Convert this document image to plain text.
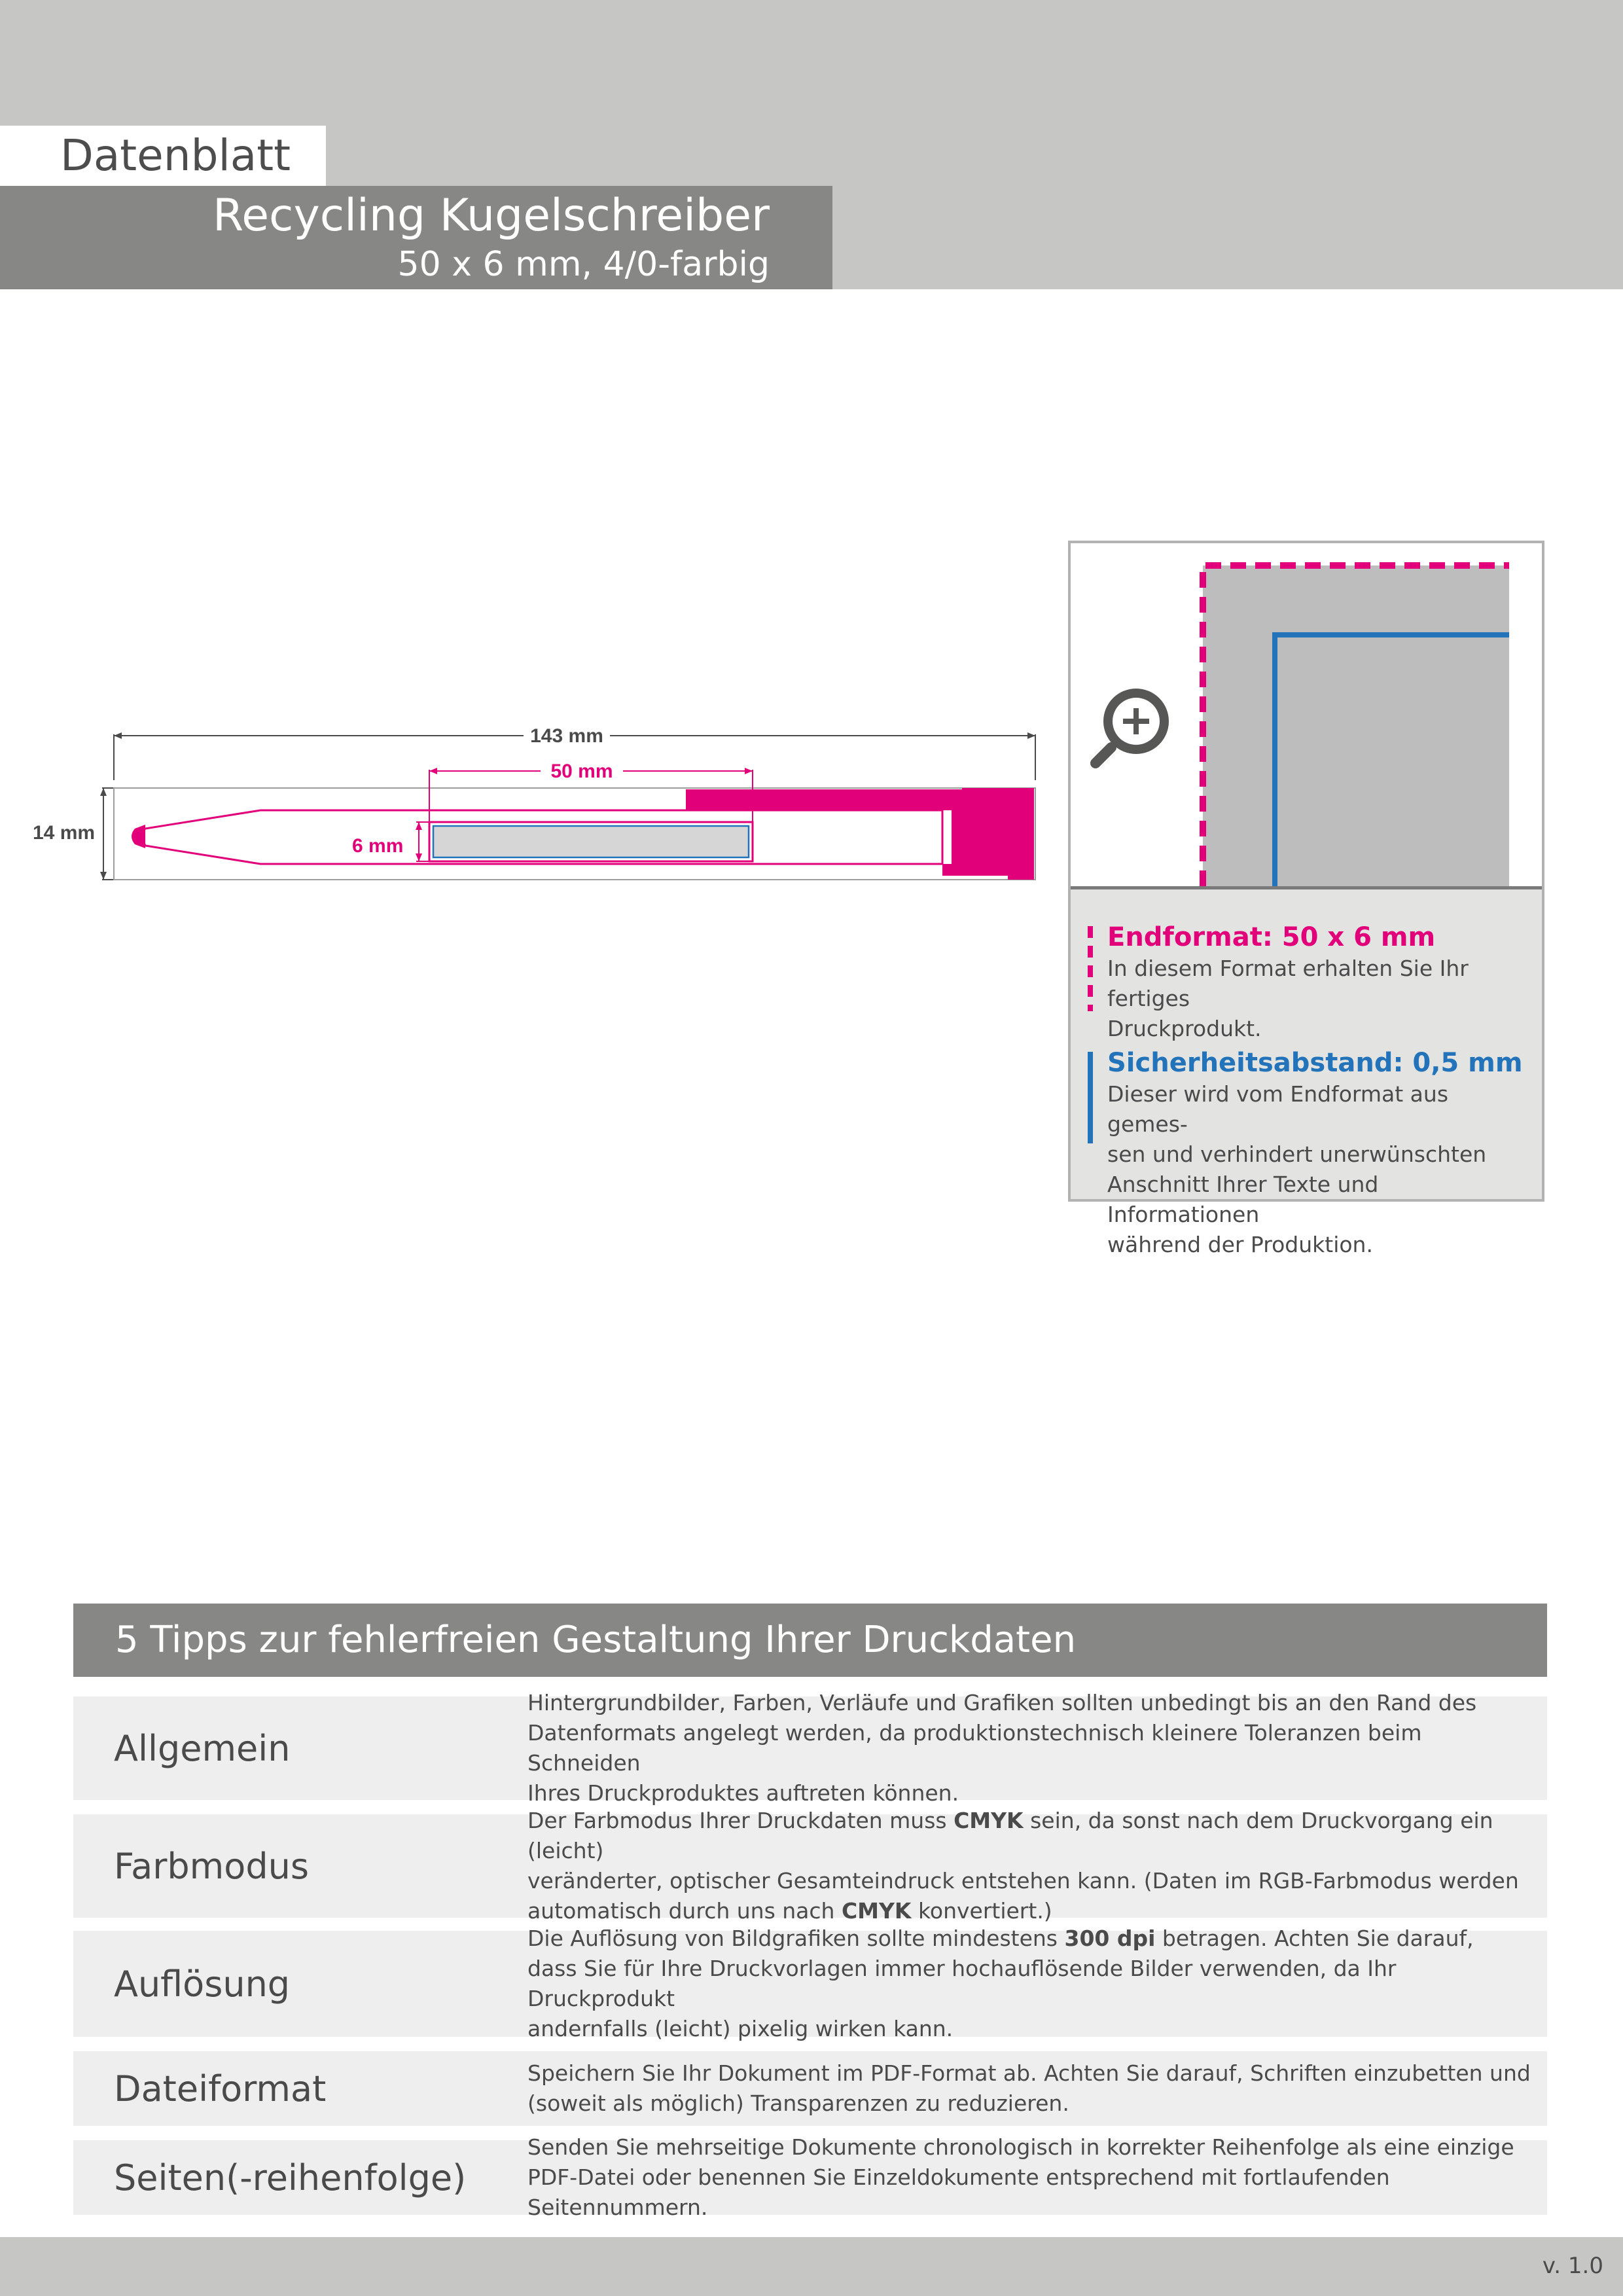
Datenblatt
Recycling Kugelschreiber
50 x 6 mm, 4/0-farbig
143 mm
14 mm
50 mm
6 mm
Endformat: 50 x 6 mm

In diesem Format erhalten Sie Ihr fertiges

Druckprodukt.

Sicherheitsabstand: 0,5 mm

Dieser wird vom Endformat aus gemes-

sen und verhindert unerwünschten

Anschnitt Ihrer Texte und Informationen

während der Produktion.

5 Tipps zur fehlerfreien Gestaltung Ihrer Druckdaten
Allgemein
Hintergrundbilder, Farben, Verläufe und Grafiken sollten unbedingt bis an den Rand des
Datenformats angelegt werden, da produktionstechnisch kleinere Toleranzen beim Schneiden
Ihres Druckproduktes auftreten können.
Farbmodus
Der Farbmodus Ihrer Druckdaten muss CMYK sein, da sonst nach dem Druckvorgang ein (leicht)
veränderter, optischer Gesamteindruck entstehen kann. (Daten im RGB-Farbmodus werden
automatisch durch uns nach CMYK konvertiert.)
Auflösung
Die Auflösung von Bildgrafiken sollte mindestens 300 dpi betragen. Achten Sie darauf,
dass Sie für Ihre Druckvorlagen immer hochauflösende Bilder verwenden, da Ihr Druckprodukt
andernfalls (leicht) pixelig wirken kann.
Dateiformat	Speichern Sie Ihr Dokument im PDF-Format ab. Achten Sie darauf, Schriften einzubetten und
(soweit als möglich) Transparenzen zu reduzieren.
Seiten(-reihenfolge)
Senden Sie mehrseitige Dokumente chronologisch in korrekter Reihenfolge als eine einzige
PDF-Datei oder benennen Sie Einzeldokumente entsprechend mit fortlaufenden Seitennummern.
v. 1.0
